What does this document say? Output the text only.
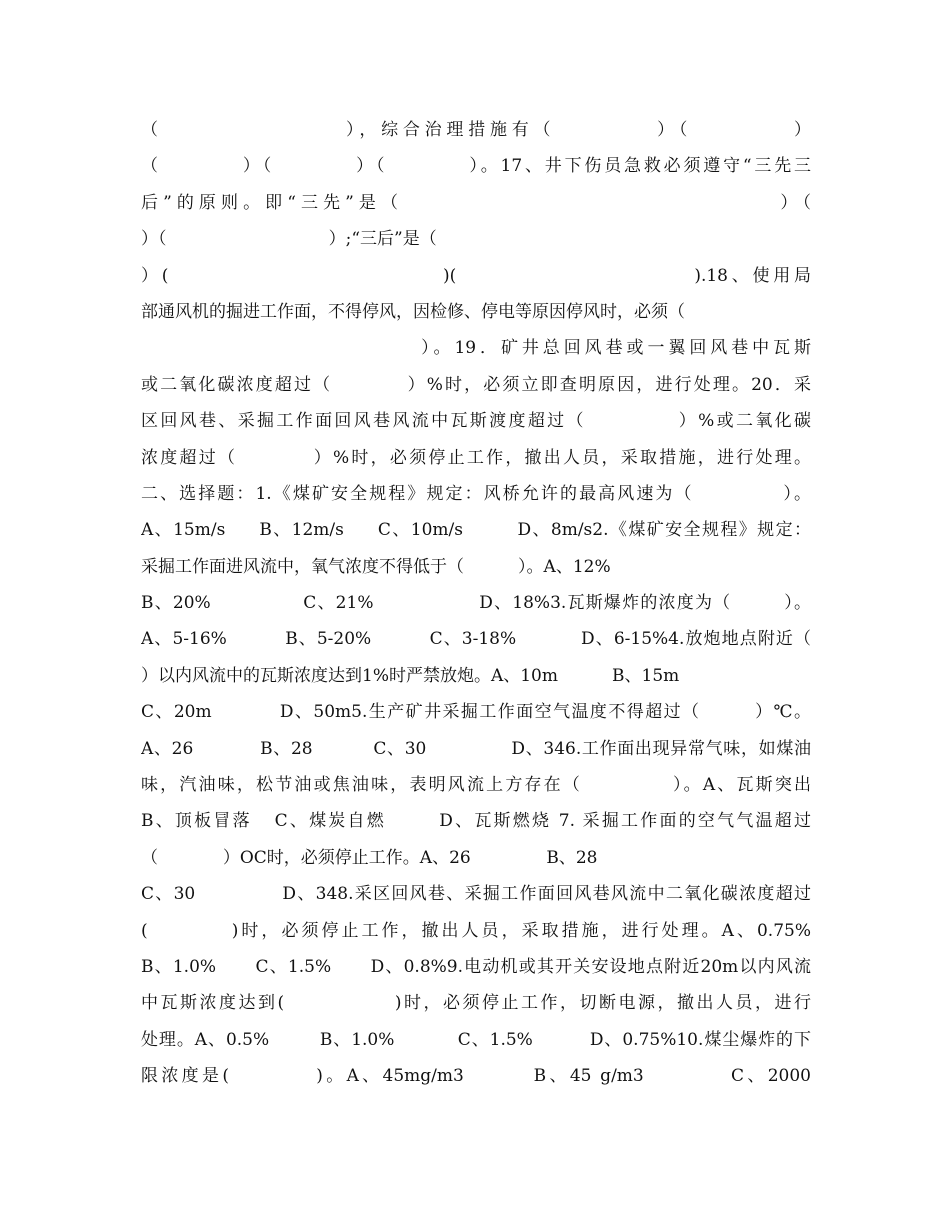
（                  ），综合治理措施有（          ）（          ）
（          ）（          ）（          ）。17、井下伤员急救必须遵守“三先三
后”的原则。即“三先”是（                                    ）（
）（                              ）;“三后”是（
）(                              )(                          ).18、使用局
部通风机的掘进工作面，不得停风，因检修、停电等原因停风时，必须（
）。19．矿井总回风巷或一翼回风巷中瓦斯
或二氧化碳浓度超过（          ）%时，必须立即查明原因，进行处理。20．采
区回风巷、采掘工作面回风巷风流中瓦斯渡度超过（            ）%或二氧化碳
浓度超过（          ）%时，必须停止工作，撤出人员，采取措施，进行处理。
二、选择题：1.《煤矿安全规程》规定：风桥允许的最高风速为（            ）。
A、15m/s     B、12m/s     C、10m/s        D、8m/s2.《煤矿安全规程》规定：
采掘工作面进风流中，氧气浓度不得低于（          ）。A、12%
B、20%              C、21%                D、18%3.瓦斯爆炸的浓度为（        ）。
A、5-16%         B、5-20%         C、3-18%          D、6-15%4.放炮地点附近（
）以内风流中的瓦斯浓度达到1%时严禁放炮。A、10m          B、15m
C、20m          D、50m5.生产矿井采掘工作面空气温度不得超过（        ）℃。
A、26           B、28          C、30              D、346.工作面出现异常气味，如煤油
味，汽油味，松节油或焦油味，表明风流上方存在（            ）。A、瓦斯突出
B、顶板冒落   C、煤炭自燃       D、瓦斯燃烧 7. 采掘工作面的空气气温超过
（            ）OC时，必须停止工作。A、26              B、28
C、30             D、348.采区回风巷、采掘工作面回风巷风流中二氧化碳浓度超过
(          )时，必须停止工作，撤出人员，采取措施，进行处理。A、0.75%
B、1.0%      C、1.5%      D、0.8%9.电动机或其开关安设地点附近20m以内风流
中瓦斯浓度达到(              )时，必须停止工作，切断电源，撤出人员，进行
处理。A、0.5%        B、1.0%          C、1.5%         D、0.75%10.煤尘爆炸的下
限浓度是(          )。A、45mg/m3        B、45 g/m3          C、2000
